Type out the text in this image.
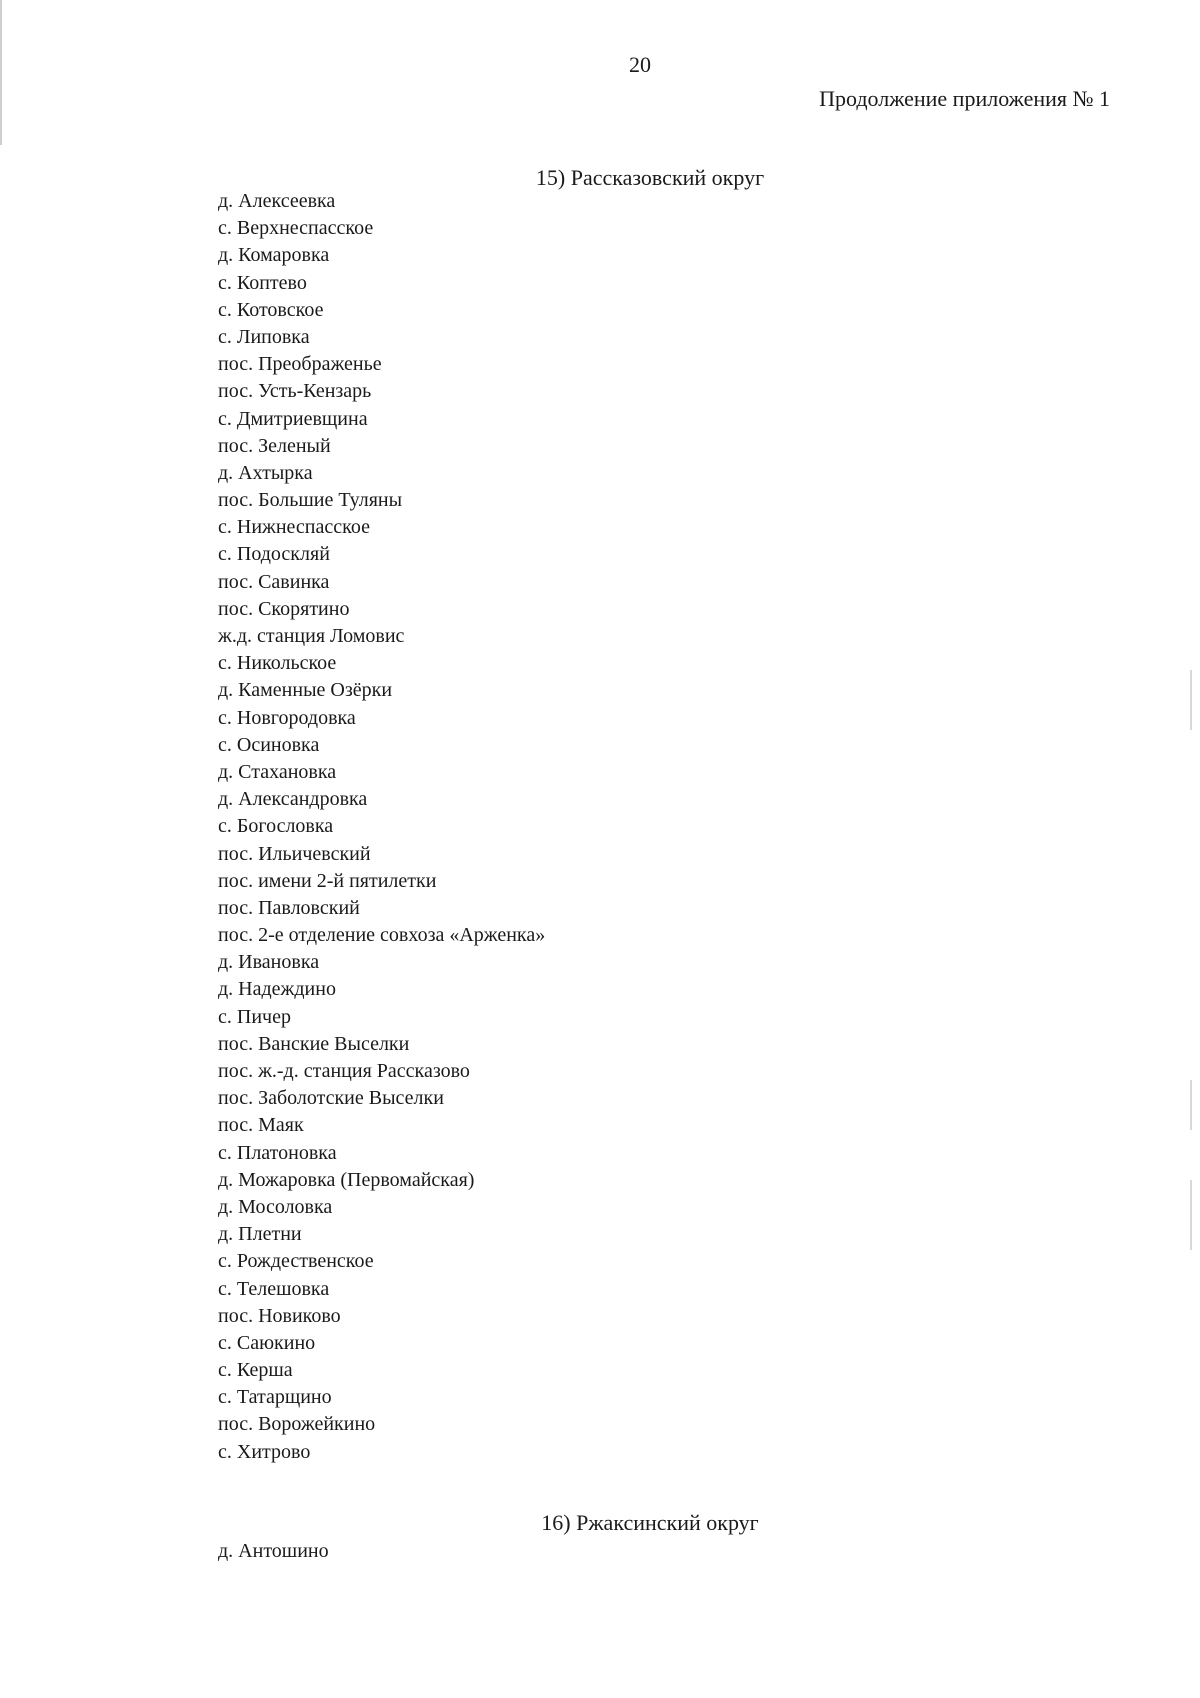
20
Продолжение приложения № 1
15) Рассказовский округ
д. Алексеевка
с. Верхнеспасское
д. Комаровка
с. Коптево
с. Котовское
с. Липовка
пос. Преображенье
пос. Усть-Кензарь
с. Дмитриевщина
пос. Зеленый
д. Ахтырка
пос. Большие Туляны
с. Нижнеспасское
с. Подоскляй
пос. Савинка
пос. Скорятино
ж.д. станция Ломовис
с. Никольское
д. Каменные Озёрки
с. Новгородовка
с. Осиновка
д. Стахановка
д. Александровка
с. Богословка
пос. Ильичевский
пос. имени 2-й пятилетки
пос. Павловский
пос. 2-е отделение совхоза «Арженка»
д. Ивановка
д. Надеждино
с. Пичер
пос. Ванские Выселки
пос. ж.-д. станция Рассказово
пос. Заболотские Выселки
пос. Маяк
с. Платоновка
д. Можаровка (Первомайская)
д. Мосоловка
д. Плетни
с. Рождественское
с. Телешовка
пос. Новиково
с. Саюкино
с. Керша
с. Татарщино
пос. Ворожейкино
с. Хитрово
16) Ржаксинский округ
д. Антошино
